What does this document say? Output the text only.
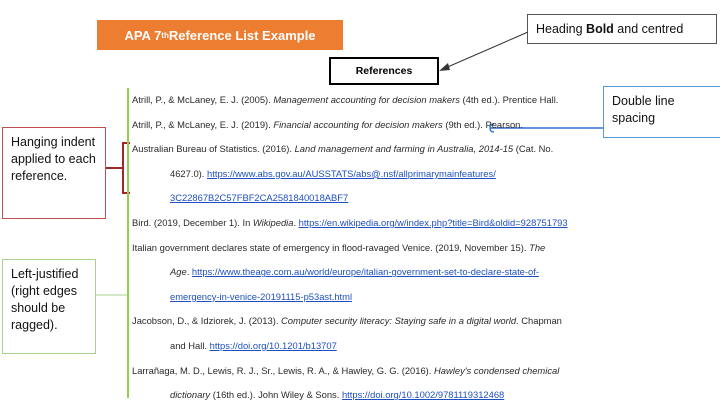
APA 7 th Reference List Example	Heading Bold and centred
Double line spacing
Hanging indent applied to each reference.
Left-justified (right edges should be ragged).
References
Atrill, P., & McLaney, E. J. (2005). Management accounting for decision makers (4th ed.). Prentice Hall.
Atrill, P., & McLaney, E. J. (2019). Financial accounting for decision makers (9th ed.). Pearson.
Australian Bureau of Statistics. (2016). Land management and farming in Australia, 2014-15 (Cat. No.
4627.0). https://www.abs.gov.au/AUSSTATS/abs@.nsf/allprimarymainfeatures/
3C22867B2C57FBF2CA2581840018ABF7
Bird. (2019, December 1). In Wikipedia. https://en.wikipedia.org/w/index.php?title=Bird&oldid=928751793
Italian government declares state of emergency in flood-ravaged Venice. (2019, November 15). The
Age. https://www.theage.com.au/world/europe/italian-government-set-to-declare-state-of-
emergency-in-venice-20191115-p53ast.html
Jacobson, D., & Idziorek, J. (2013). Computer security literacy: Staying safe in a digital world. Chapman
and Hall. https://doi.org/10.1201/b13707
Larrañaga, M. D., Lewis, R. J., Sr., Lewis, R. A., & Hawley, G. G. (2016). Hawley's condensed chemical
dictionary (16th ed.). John Wiley & Sons. https://doi.org/10.1002/9781119312468
